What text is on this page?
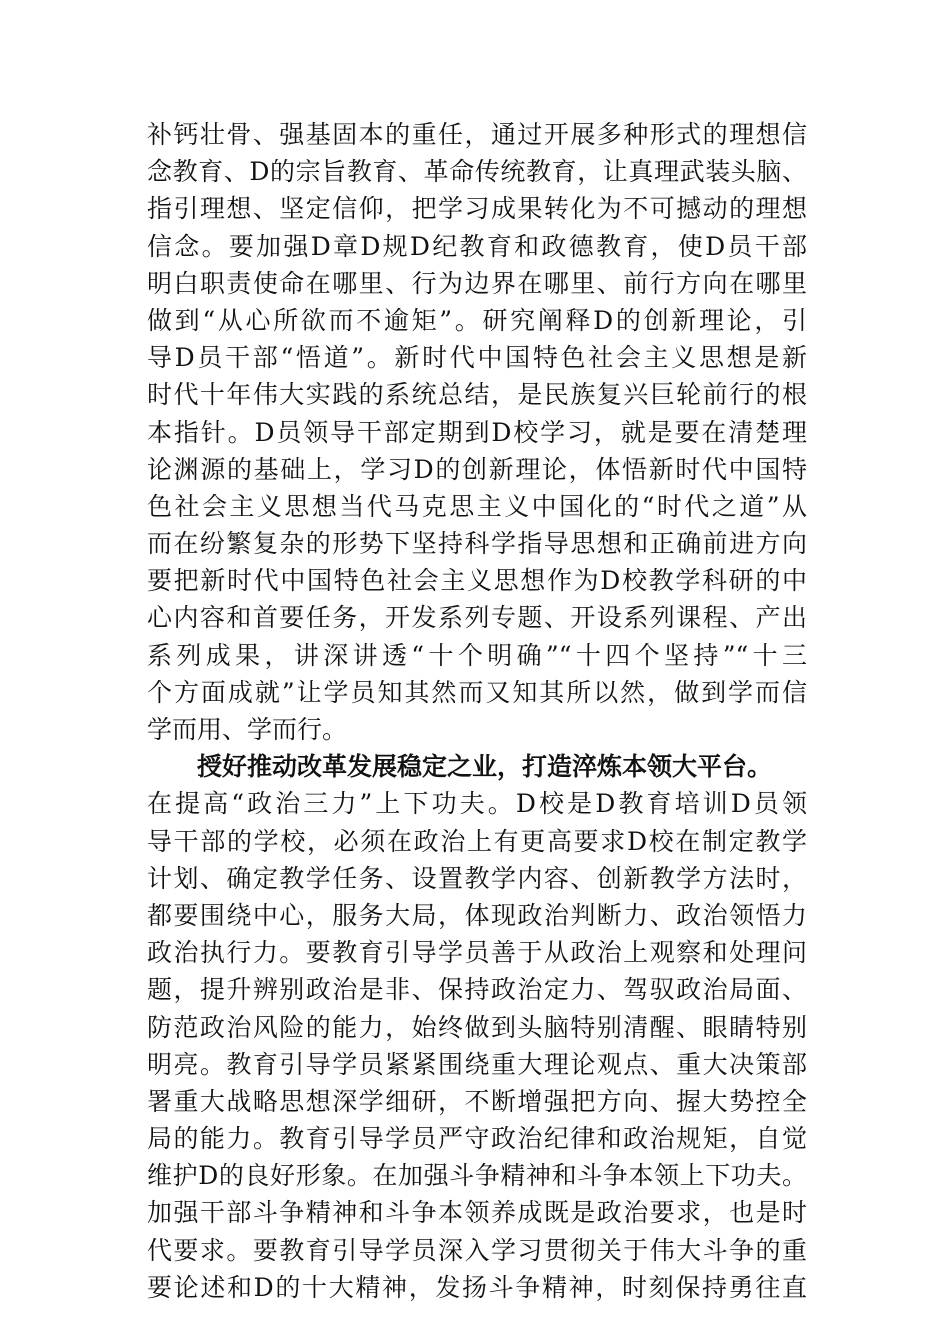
补钙壮骨、强基固本的重任，通过开展多种形式的理想信
念教育、D的宗旨教育、革命传统教育，让真理武装头脑、
指引理想、坚定信仰，把学习成果转化为不可撼动的理想
信念。要加强D章D规D纪教育和政德教育，使D员干部
明白职责使命在哪里、行为边界在哪里、前行方向在哪里
做到“从心所欲而不逾矩”。研究阐释D的创新理论，引
导D员干部“悟道”。新时代中国特色社会主义思想是新
时代十年伟大实践的系统总结，是民族复兴巨轮前行的根
本指针。D员领导干部定期到D校学习，就是要在清楚理
论渊源的基础上，学习D的创新理论，体悟新时代中国特
色社会主义思想当代马克思主义中国化的“时代之道”从
而在纷繁复杂的形势下坚持科学指导思想和正确前进方向
要把新时代中国特色社会主义思想作为D校教学科研的中
心内容和首要任务，开发系列专题、开设系列课程、产出
系列成果，讲深讲透“十个明确”“十四个坚持”“十三
个方面成就”让学员知其然而又知其所以然，做到学而信
学而用、学而行。
授好推动改革发展稳定之业，打造淬炼本领大平台。
在提高“政治三力”上下功夫。D校是D教育培训D员领
导干部的学校，必须在政治上有更高要求D校在制定教学
计划、确定教学任务、设置教学内容、创新教学方法时，
都要围绕中心，服务大局，体现政治判断力、政治领悟力
政治执行力。要教育引导学员善于从政治上观察和处理问
题，提升辨别政治是非、保持政治定力、驾驭政治局面、
防范政治风险的能力，始终做到头脑特别清醒、眼睛特别
明亮。教育引导学员紧紧围绕重大理论观点、重大决策部
署重大战略思想深学细研，不断增强把方向、握大势控全
局的能力。教育引导学员严守政治纪律和政治规矩，自觉
维护D的良好形象。在加强斗争精神和斗争本领上下功夫。
加强干部斗争精神和斗争本领养成既是政治要求，也是时
代要求。要教育引导学员深入学习贯彻关于伟大斗争的重
要论述和D的十大精神，发扬斗争精神，时刻保持勇往直
